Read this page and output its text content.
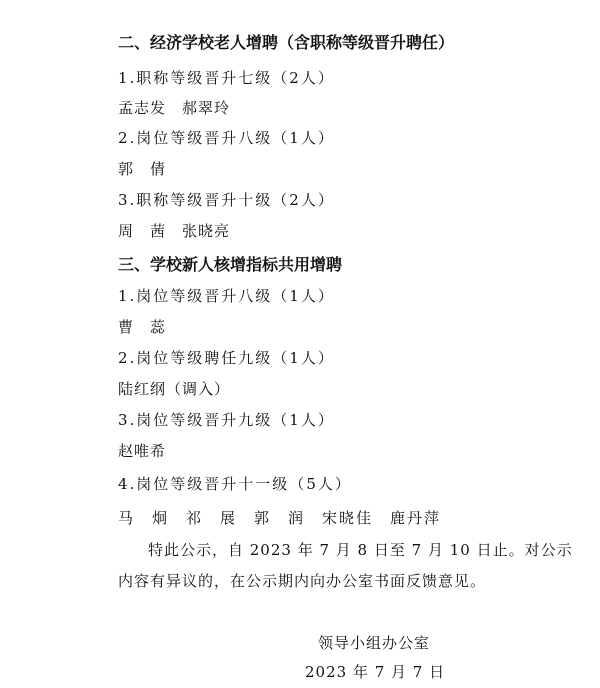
二、经济学校老人增聘（含职称等级晋升聘任）
1.职称等级晋升七级（2人）
孟志发　郝翠玲
2.岗位等级晋升八级（1人）
郭　倩
3.职称等级晋升十级（2人）
周　茜　张晓亮
三、学校新人核增指标共用增聘
1.岗位等级晋升八级（1人）
曹　蕊
2.岗位等级聘任九级（1人）
陆红纲（调入）
3.岗位等级晋升九级（1人）
赵唯希
4.岗位等级晋升十一级（5人）
马　炯　祁　展　郭　润　宋晓佳　鹿丹萍
特此公示，自 2023 年 7 月 8 日至 7 月 10 日止。对公示
内容有异议的，在公示期内向办公室书面反馈意见。
领导小组办公室
2023 年 7 月 7 日
